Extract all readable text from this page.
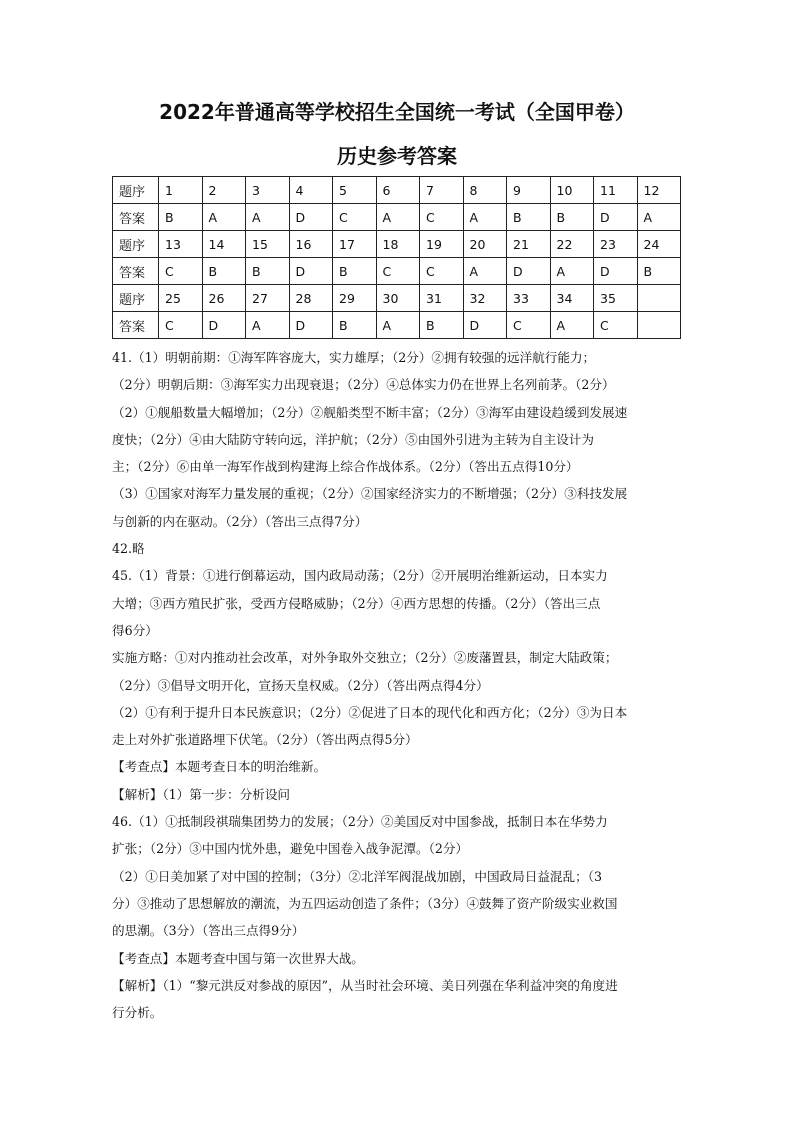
2022年普通高等学校招生全国统一考试（全国甲卷）
历史参考答案
题序	1	2	3	4	5	6	7	8	9	10	11	12
答案	B	A	A	D	C	A	C	A	B	B	D	A
题序	13	14	15	16	17	18	19	20	21	22	23	24
答案	C	B	B	D	B	C	C	A	D	A	D	B
题序	25	26	27	28	29	30	31	32	33	34	35	
答案	C	D	A	D	B	A	B	D	C	A	C	

41.（1）明朝前期：①海军阵容庞大，实力雄厚；（2分）②拥有较强的远洋航行能力；

（2分）明朝后期：③海军实力出现衰退；（2分）④总体实力仍在世界上名列前茅。（2分）

（2）①舰船数量大幅增加；（2分）②舰船类型不断丰富；（2分）③海军由建设趋缓到发展速

度快；（2分）④由大陆防守转向远，洋护航；（2分）⑤由国外引进为主转为自主设计为

主；（2分）⑥由单一海军作战到构建海上综合作战体系。（2分）（答出五点得10分）

（3）①国家对海军力量发展的重视；（2分）②国家经济实力的不断增强；（2分）③科技发展

与创新的内在驱动。（2分）（答出三点得7分）

42.略

45.（1）背景：①进行倒幕运动，国内政局动荡；（2分）②开展明治维新运动，日本实力

大增；③西方殖民扩张，受西方侵略威胁；（2分）④西方思想的传播。（2分）（答出三点

得6分）

实施方略：①对内推动社会改革，对外争取外交独立；（2分）②废藩置县，制定大陆政策；

（2分）③倡导文明开化，宣扬天皇权威。（2分）（答出两点得4分）

（2）①有利于提升日本民族意识；（2分）②促进了日本的现代化和西方化；（2分）③为日本

走上对外扩张道路埋下伏笔。（2分）（答出两点得5分）

【考查点】本题考查日本的明治维新。

【解析】（1）第一步：分析设问

46.（1）①抵制段祺瑞集团势力的发展；（2分）②美国反对中国参战，抵制日本在华势力

扩张；（2分）③中国内忧外患，避免中国卷入战争泥潭。（2分）

（2）①日美加紧了对中国的控制；（3分）②北洋军阀混战加剧，中国政局日益混乱；（3

分）③推动了思想解放的潮流，为五四运动创造了条件；（3分）④鼓舞了资产阶级实业救国

的思潮。（3分）（答出三点得9分）

【考查点】本题考查中国与第一次世界大战。

【解析】（1）“黎元洪反对参战的原因”，从当时社会环境、美日列强在华利益冲突的角度进

行分析。
